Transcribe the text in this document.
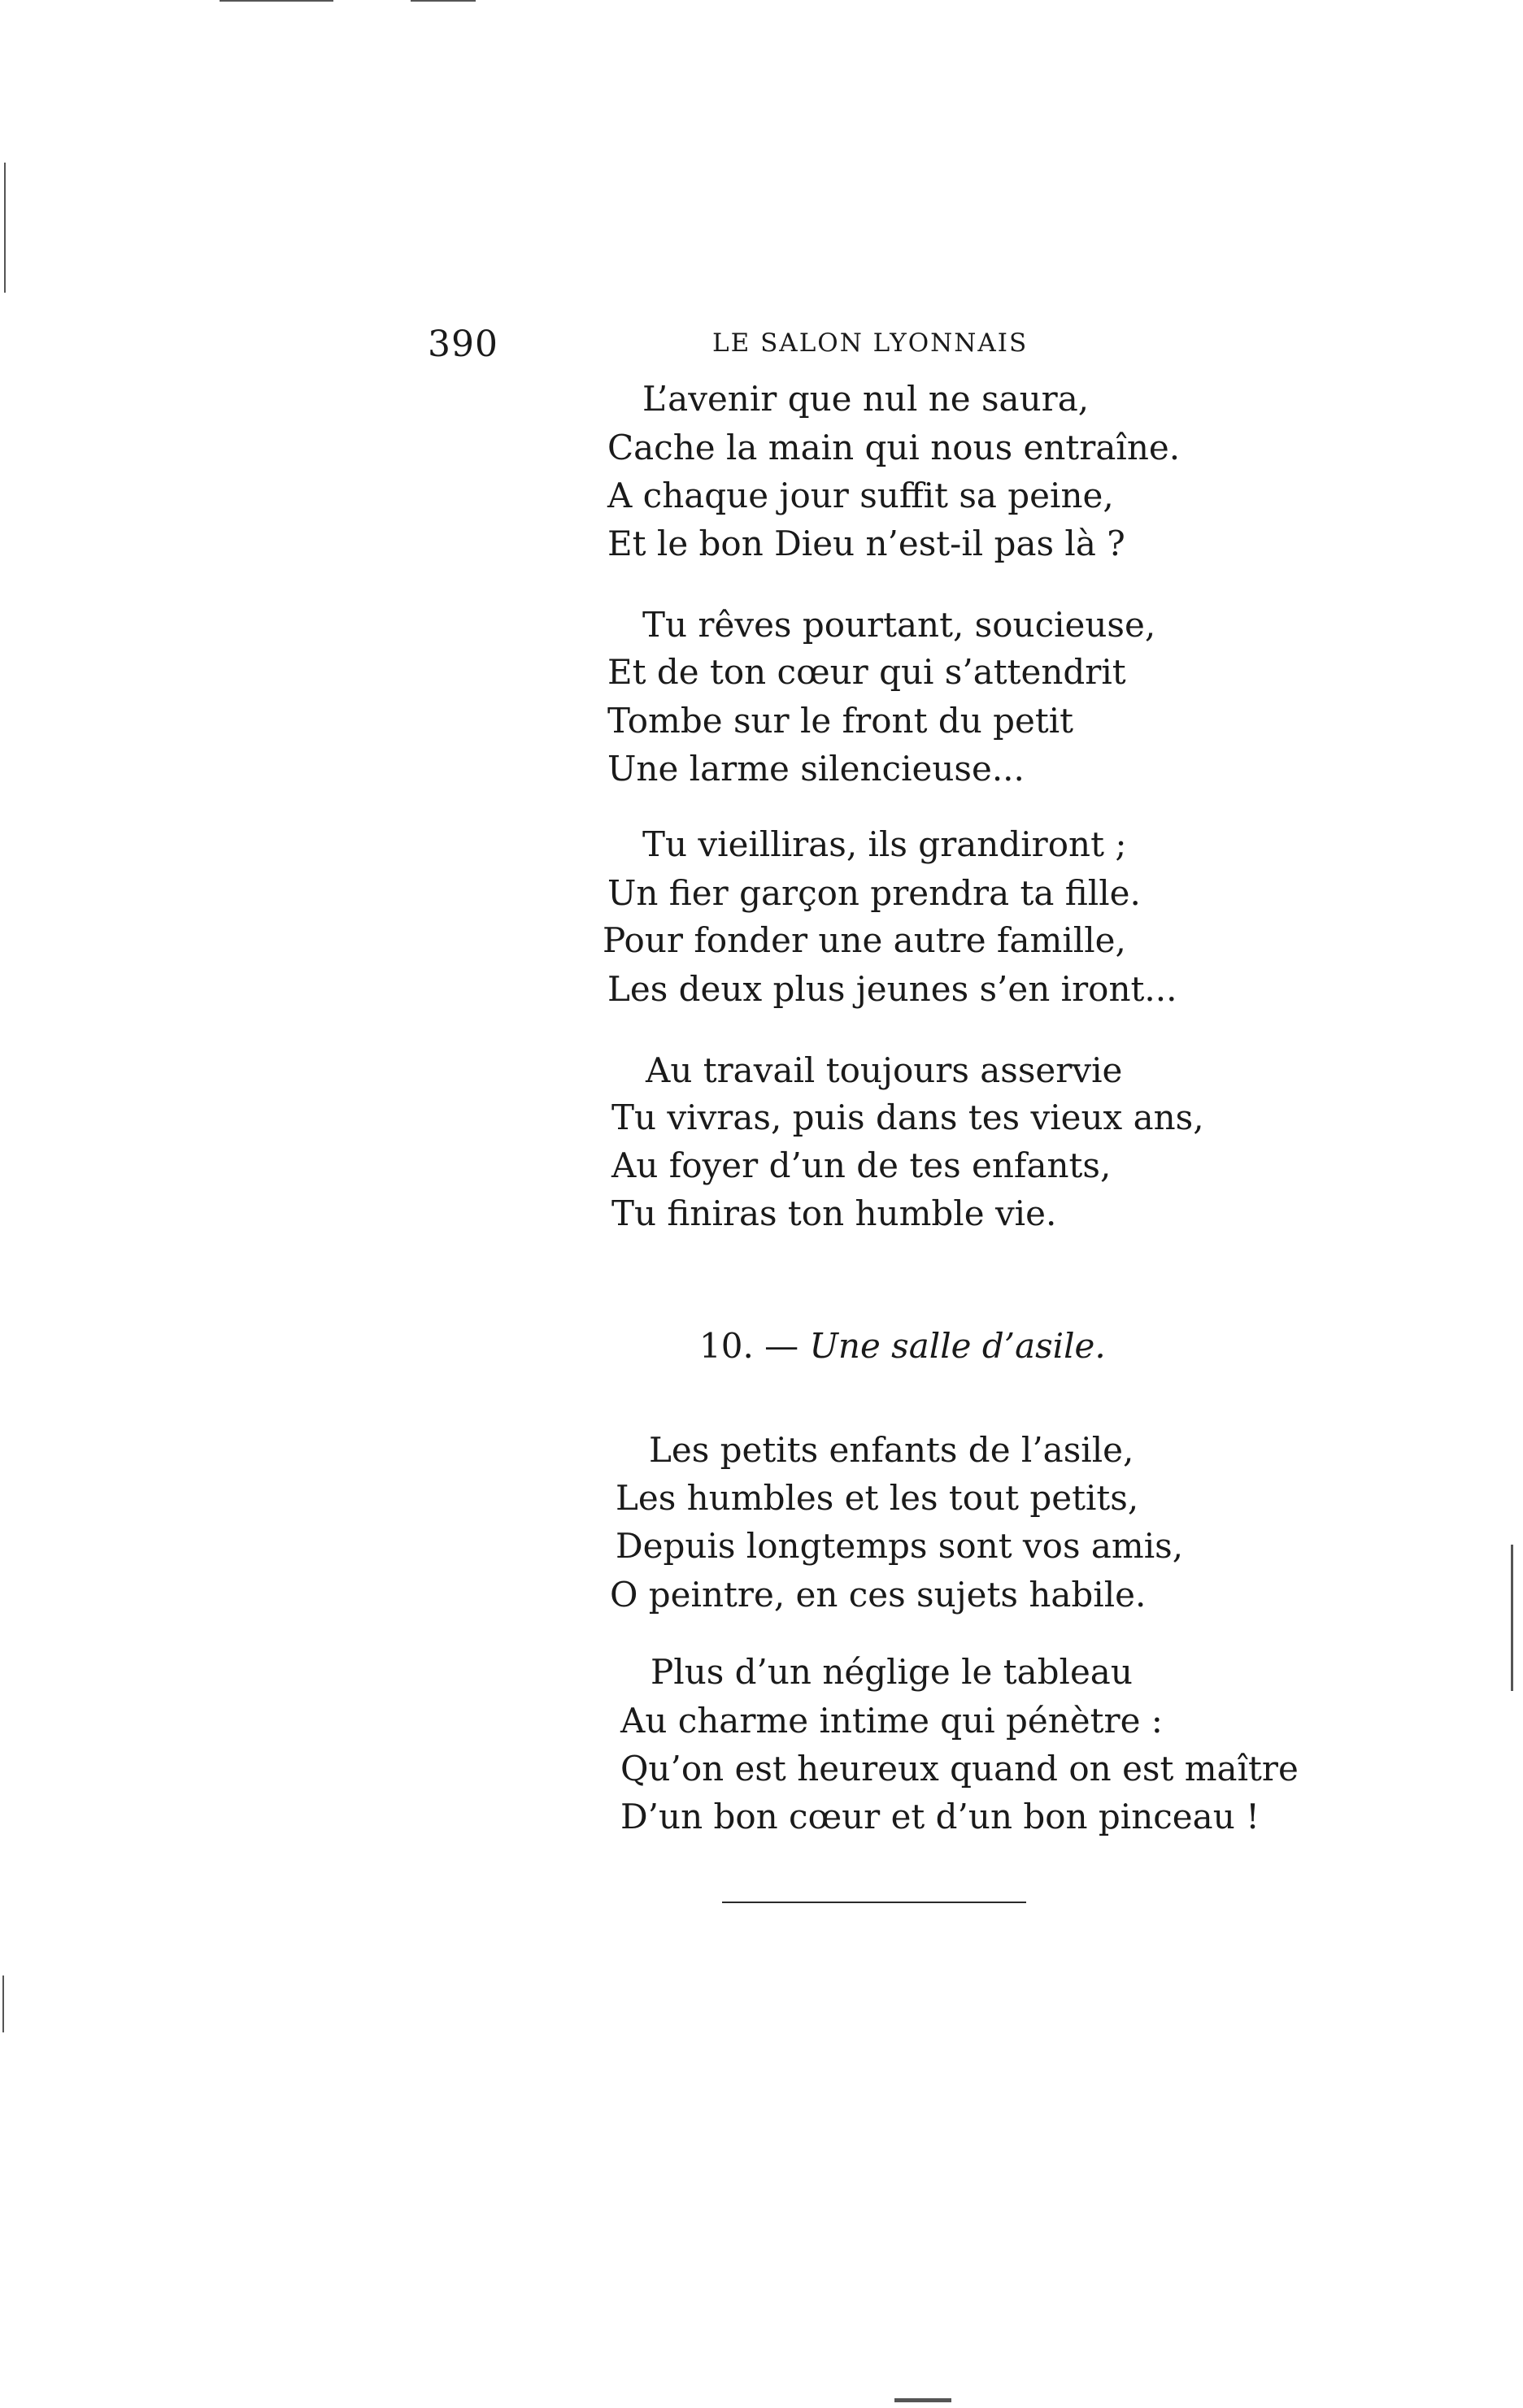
390	LE SALON LYONNAIS
L’avenir que nul ne saura,
Cache la main qui nous entraîne.
A chaque jour suffit sa peine,
Et le bon Dieu n’est-il pas là ?
Tu rêves pourtant, soucieuse,
Et de ton cœur qui s’attendrit
Tombe sur le front du petit
Une larme silencieuse...
Tu vieilliras, ils grandiront ;
Un fier garçon prendra ta fille.
Pour fonder une autre famille,
Les deux plus jeunes s’en iront...
Au travail toujours asservie
Tu vivras, puis dans tes vieux ans,
Au foyer d’un de tes enfants,
Tu finiras ton humble vie.
10. — Une salle d’asile.
Les petits enfants de l’asile,
Les humbles et les tout petits,
Depuis longtemps sont vos amis,
O peintre, en ces sujets habile.
Plus d’un néglige le tableau
Au charme intime qui pénètre :
Qu’on est heureux quand on est maître
D’un bon cœur et d’un bon pinceau !
